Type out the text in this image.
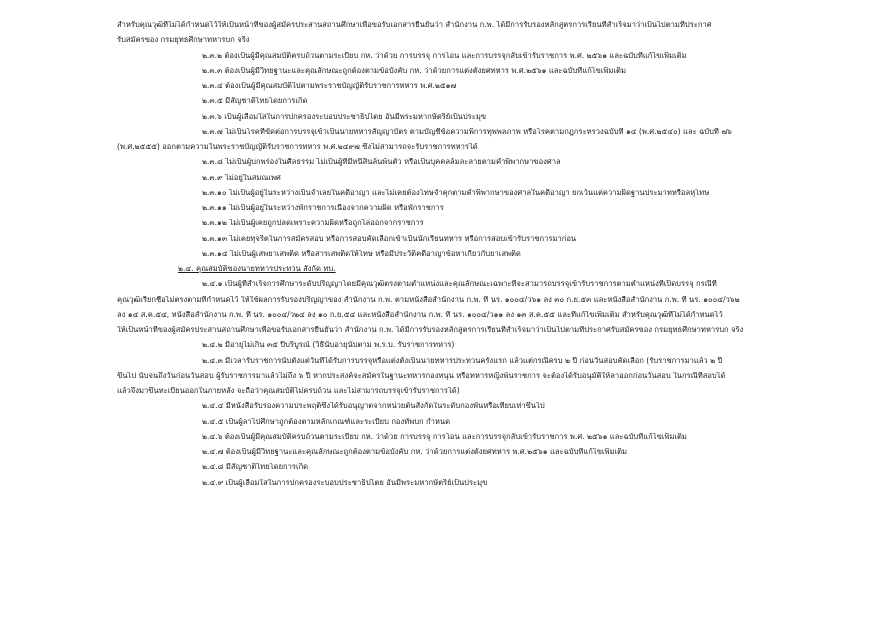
สำหรับคุณวุฒิที่ไม่ได้กำหนดไว้ให้เป็นหน้าที่ของผู้สมัครประสานสถานศึกษาเพื่อขอรับเอกสารยืนยันว่า สำนักงาน ก.พ. ได้มีการรับรองหลักสูตรการเรียนที่สำเร็จมาว่าเป็นไปตามที่ประกาศ
รับสมัครของ กรมยุทธศึกษาทหารบก จริง
๒.๓.๒ ต้องเป็นผู้มีคุณสมบัติครบถ้วนตามระเบียบ กห. ว่าด้วย การบรรจุ การโอน และการบรรจุกลับเข้ารับราชการ พ.ศ. ๒๕๖๑ และฉบับที่แก้ไขเพิ่มเติม
๒.๓.๓ ต้องเป็นผู้มีวิทยฐานะและคุณลักษณะถูกต้องตามข้อบังคับ กห. ว่าด้วยการแต่งตั้งยศทหาร พ.ศ.๒๕๖๑ และฉบับที่แก้ไขเพิ่มเติม
๒.๓.๔ ต้องเป็นผู้มีคุณสมบัติไปตามพระราชบัญญัติรับราชการทหาร พ.ศ.๒๕๑๗
๒.๓.๕ มีสัญชาติไทยโดยการเกิด
๒.๓.๖ เป็นผู้เลื่อมใสในการปกครองระบอบประชาธิปไตย อันมีพระมหากษัตริย์เป็นประมุข
๒.๓.๗ ไม่เป็นโรคที่ขัดต่อการบรรจุเข้าเป็นนายทหารสัญญาบัตร ตามบัญชีข้อความพิการทุพพลภาพ หรือโรคตามกฎกระทรวงฉบับที่ ๑๔ (พ.ศ.๒๕๔๐) และ ฉบับที่ ๗๖
(พ.ศ.๒๕๕๕) ออกตามความในพระราชบัญญัติรับราชการทหาร พ.ศ.๒๔๙๗ ซึ่งไม่สามารถจะรับราชการทหารได้
๒.๓.๘ ไม่เป็นผู้บกพร่องในศีลธรรม ไม่เป็นผู้ที่มีหนี้สินล้นพ้นตัว หรือเป็นบุคคลล้มละลายตามคำพิพากษาของศาล
๒.๓.๙ ไม่อยู่ในสมณเพศ
๒.๓.๑๐ ไม่เป็นผู้อยู่ในระหว่างเป็นจำเลยในคดีอาญา และไม่เคยต้องโทษจำคุกตามคำพิพากษาของศาลในคดีอาญา ยกเว้นแต่ความผิดฐานประมาทหรือลหุโทษ
๒.๓.๑๑ ไม่เป็นผู้อยู่ในระหว่างพักราชการเนื่องจากความผิด หรือพักราชการ
๒.๓.๑๒ ไม่เป็นผู้เคยถูกปลดเพราะความผิดหรือถูกไล่ออกจากราชการ
๒.๓.๑๓ ไม่เคยทุจริตในการสมัครสอบ หรือการสอบคัดเลือกเข้าเป็นนักเรียนทหาร หรือการสอบเข้ารับราชการมาก่อน
๒.๓.๑๔ ไม่เป็นผู้เสพยาเสพติด หรือสารเสพติดให้โทษ หรือมีประวัติคดีอาญาข้อหาเกี่ยวกับยาเสพติด
๒.๔. คุณสมบัติของนายทหารประทวน สังกัด ทบ.
๒.๔.๑ เป็นผู้ที่สำเร็จการศึกษาระดับปริญญาโดยมีคุณวุฒิตรงตามตำแหน่งและคุณลักษณะเฉพาะที่จะสามารถบรรจุเข้ารับราชการตามตำแหน่งที่เปิดบรรจุ กรณีที่
คุณวุฒิเรียกชื่อไม่ตรงตามที่กำหนดไว้ ให้ใช้ผลการรับรองปริญญาของ สำนักงาน ก.พ. ตามหนังสือสำนักงาน ก.พ. ที่ นร. ๑๐๐๔/ว๖๑ ลง ๓๐ ก.ย.๕๓ และหนังสือสำนักงาน ก.พ. ที่ นร. ๑๐๐๔/ว๖๒
ลง ๑๔ ส.ค.๕๔, หนังสือสำนักงาน ก.พ. ที่ นร. ๑๐๐๔/ว๒๔ ลง ๑๐ ก.ย.๕๔ และหนังสือสำนักงาน ก.พ. ที่ นร. ๑๐๐๔/ว๑๑ ลง ๑๓ ส.ค.๕๕ และที่แก้ไขเพิ่มเติม สำหรับคุณวุฒิที่ไม่ได้กำหนดไว้
ให้เป็นหน้าที่ของผู้สมัครประสานสถานศึกษาเพื่อขอรับเอกสารยืนยันว่า สำนักงาน ก.พ. ได้มีการรับรองหลักสูตรการเรียนที่สำเร็จมาว่าเป็นไปตามที่ประกาศรับสมัครของ กรมยุทธศึกษาทหารบก จริง
๒.๔.๒ มีอายุไม่เกิน ๓๕ ปีบริบูรณ์ (วิธีนับอายุนับตาม พ.ร.บ. รับราชการทหาร)
๒.๔.๓ มีเวลารับราชการนับตั้งแต่วันที่ได้รับการบรรจุหรือแต่งตั้งเป็นนายทหารประทวนครั้งแรก แล้วแต่กรณีครบ ๒ ปี ก่อนวันสอบคัดเลือก (รับราชการมาแล้ว ๒ ปี
ขึ้นไป นับจนถึงวันก่อนวันสอบ ผู้รับราชการมาแล้วไม่ถึง ๖ ปี หากประสงค์จะสมัครในฐานะทหารกองหนุน หรือทหารหญิงพ้นราชการ จะต้องได้รับอนุมัติให้ลาออกก่อนวันสอบ ในกรณีที่สอบได้
แล้วจึงมาขึ้นทะเบียนออกในภายหลัง จะถือว่าคุณสมบัติไม่ครบถ้วน และไม่สามารถบรรจุเข้ารับราชการได้)
๒.๔.๔ มีหนังสือรับรองความประพฤติซึ่งได้รับอนุญาตจากหน่วยต้นสังกัดในระดับกองพันหรือเทียบเท่าขึ้นไป
๒.๔.๕ เป็นผู้ลาไปศึกษาถูกต้องตามหลักเกณฑ์และระเบียบ กองทัพบก กำหนด
๒.๔.๖ ต้องเป็นผู้มีคุณสมบัติครบถ้วนตามระเบียบ กห. ว่าด้วย การบรรจุ การโอน และการบรรจุกลับเข้ารับราชการ พ.ศ. ๒๕๖๑ และฉบับที่แก้ไขเพิ่มเติม
๒.๔.๗ ต้องเป็นผู้มีวิทยฐานะและคุณลักษณะถูกต้องตามข้อบังคับ กห. ว่าด้วยการแต่งตั้งยศทหาร พ.ศ.๒๕๖๑ และฉบับที่แก้ไขเพิ่มเติม
๒.๔.๘ มีสัญชาติไทยโดยการเกิด
๒.๔.๙ เป็นผู้เลื่อมใสในการปกครองระบอบประชาธิปไตย อันมีพระมหากษัตริย์เป็นประมุข
